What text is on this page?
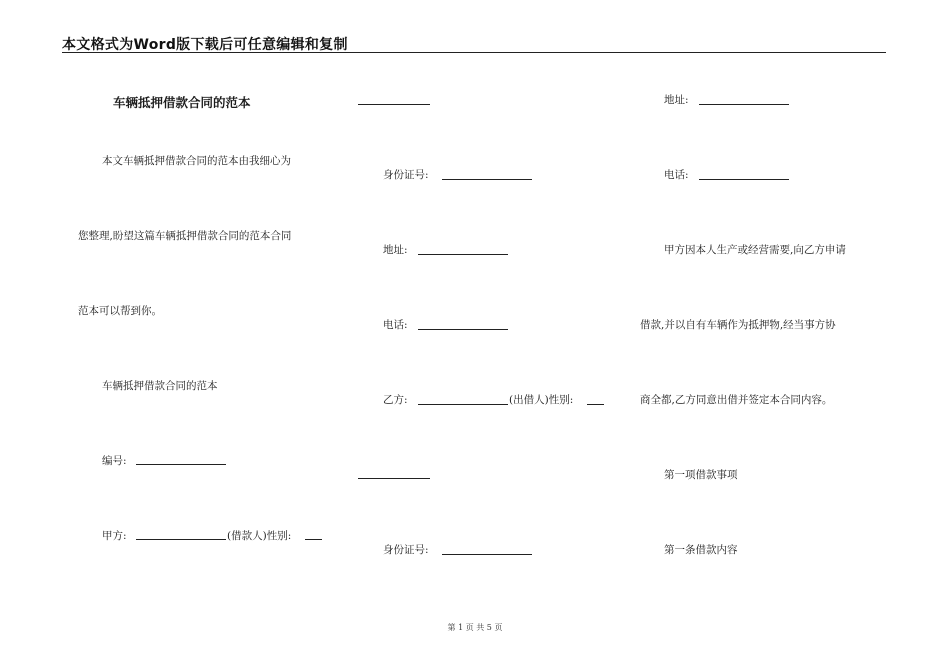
本文格式为Word版下载后可任意编辑和复制
车辆抵押借款合同的范本
本文车辆抵押借款合同的范本由我细心为
您整理,盼望这篇车辆抵押借款合同的范本合同
范本可以帮到你。
车辆抵押借款合同的范本
编号:
甲方:	(借款人)性别:
身份证号:
地址:
电话:
乙方:	(出借人)性别:
身份证号:
地址:
电话:
甲方因本人生产或经营需要,向乙方申请
借款,并以自有车辆作为抵押物,经当事方协
商全都,乙方同意出借并签定本合同内容。
第一项借款事项
第一条借款内容
第 1 页 共 5 页
